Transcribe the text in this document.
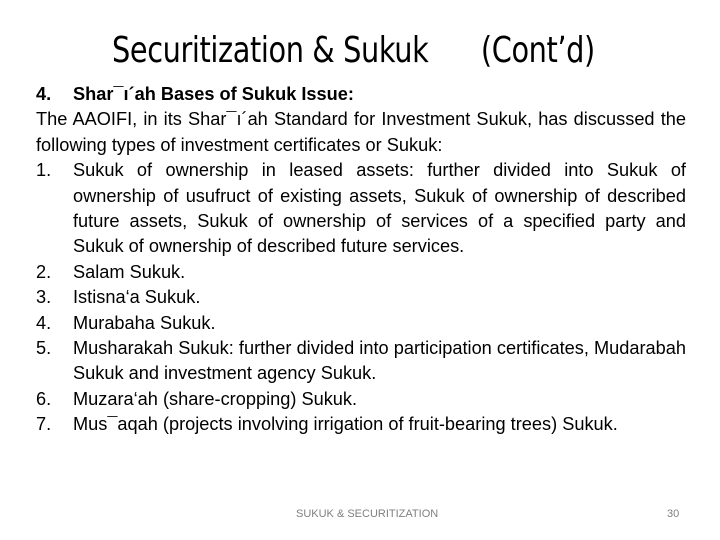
Securitization & Sukuk      (Cont’d)
4. Shar¯ı´ah Bases of Sukuk Issue:
The AAOIFI, in its Shar¯ı´ah Standard for Investment Sukuk, has discussed the following types of investment certificates or Sukuk:
1. Sukuk of ownership in leased assets: further divided into Sukuk of ownership of usufruct of existing assets, Sukuk of ownership of described future assets, Sukuk of ownership of services of a specified party and Sukuk of ownership of described future services.
2. Salam Sukuk.
3. Istisna‘a Sukuk.
4. Murabaha Sukuk.
5. Musharakah Sukuk: further divided into participation certificates, Mudarabah Sukuk and investment agency Sukuk.
6. Muzara‘ah (share-cropping) Sukuk.
7. Mus¯aqah (projects involving irrigation of fruit-bearing trees) Sukuk.
SUKUK & SECURITIZATION	30
